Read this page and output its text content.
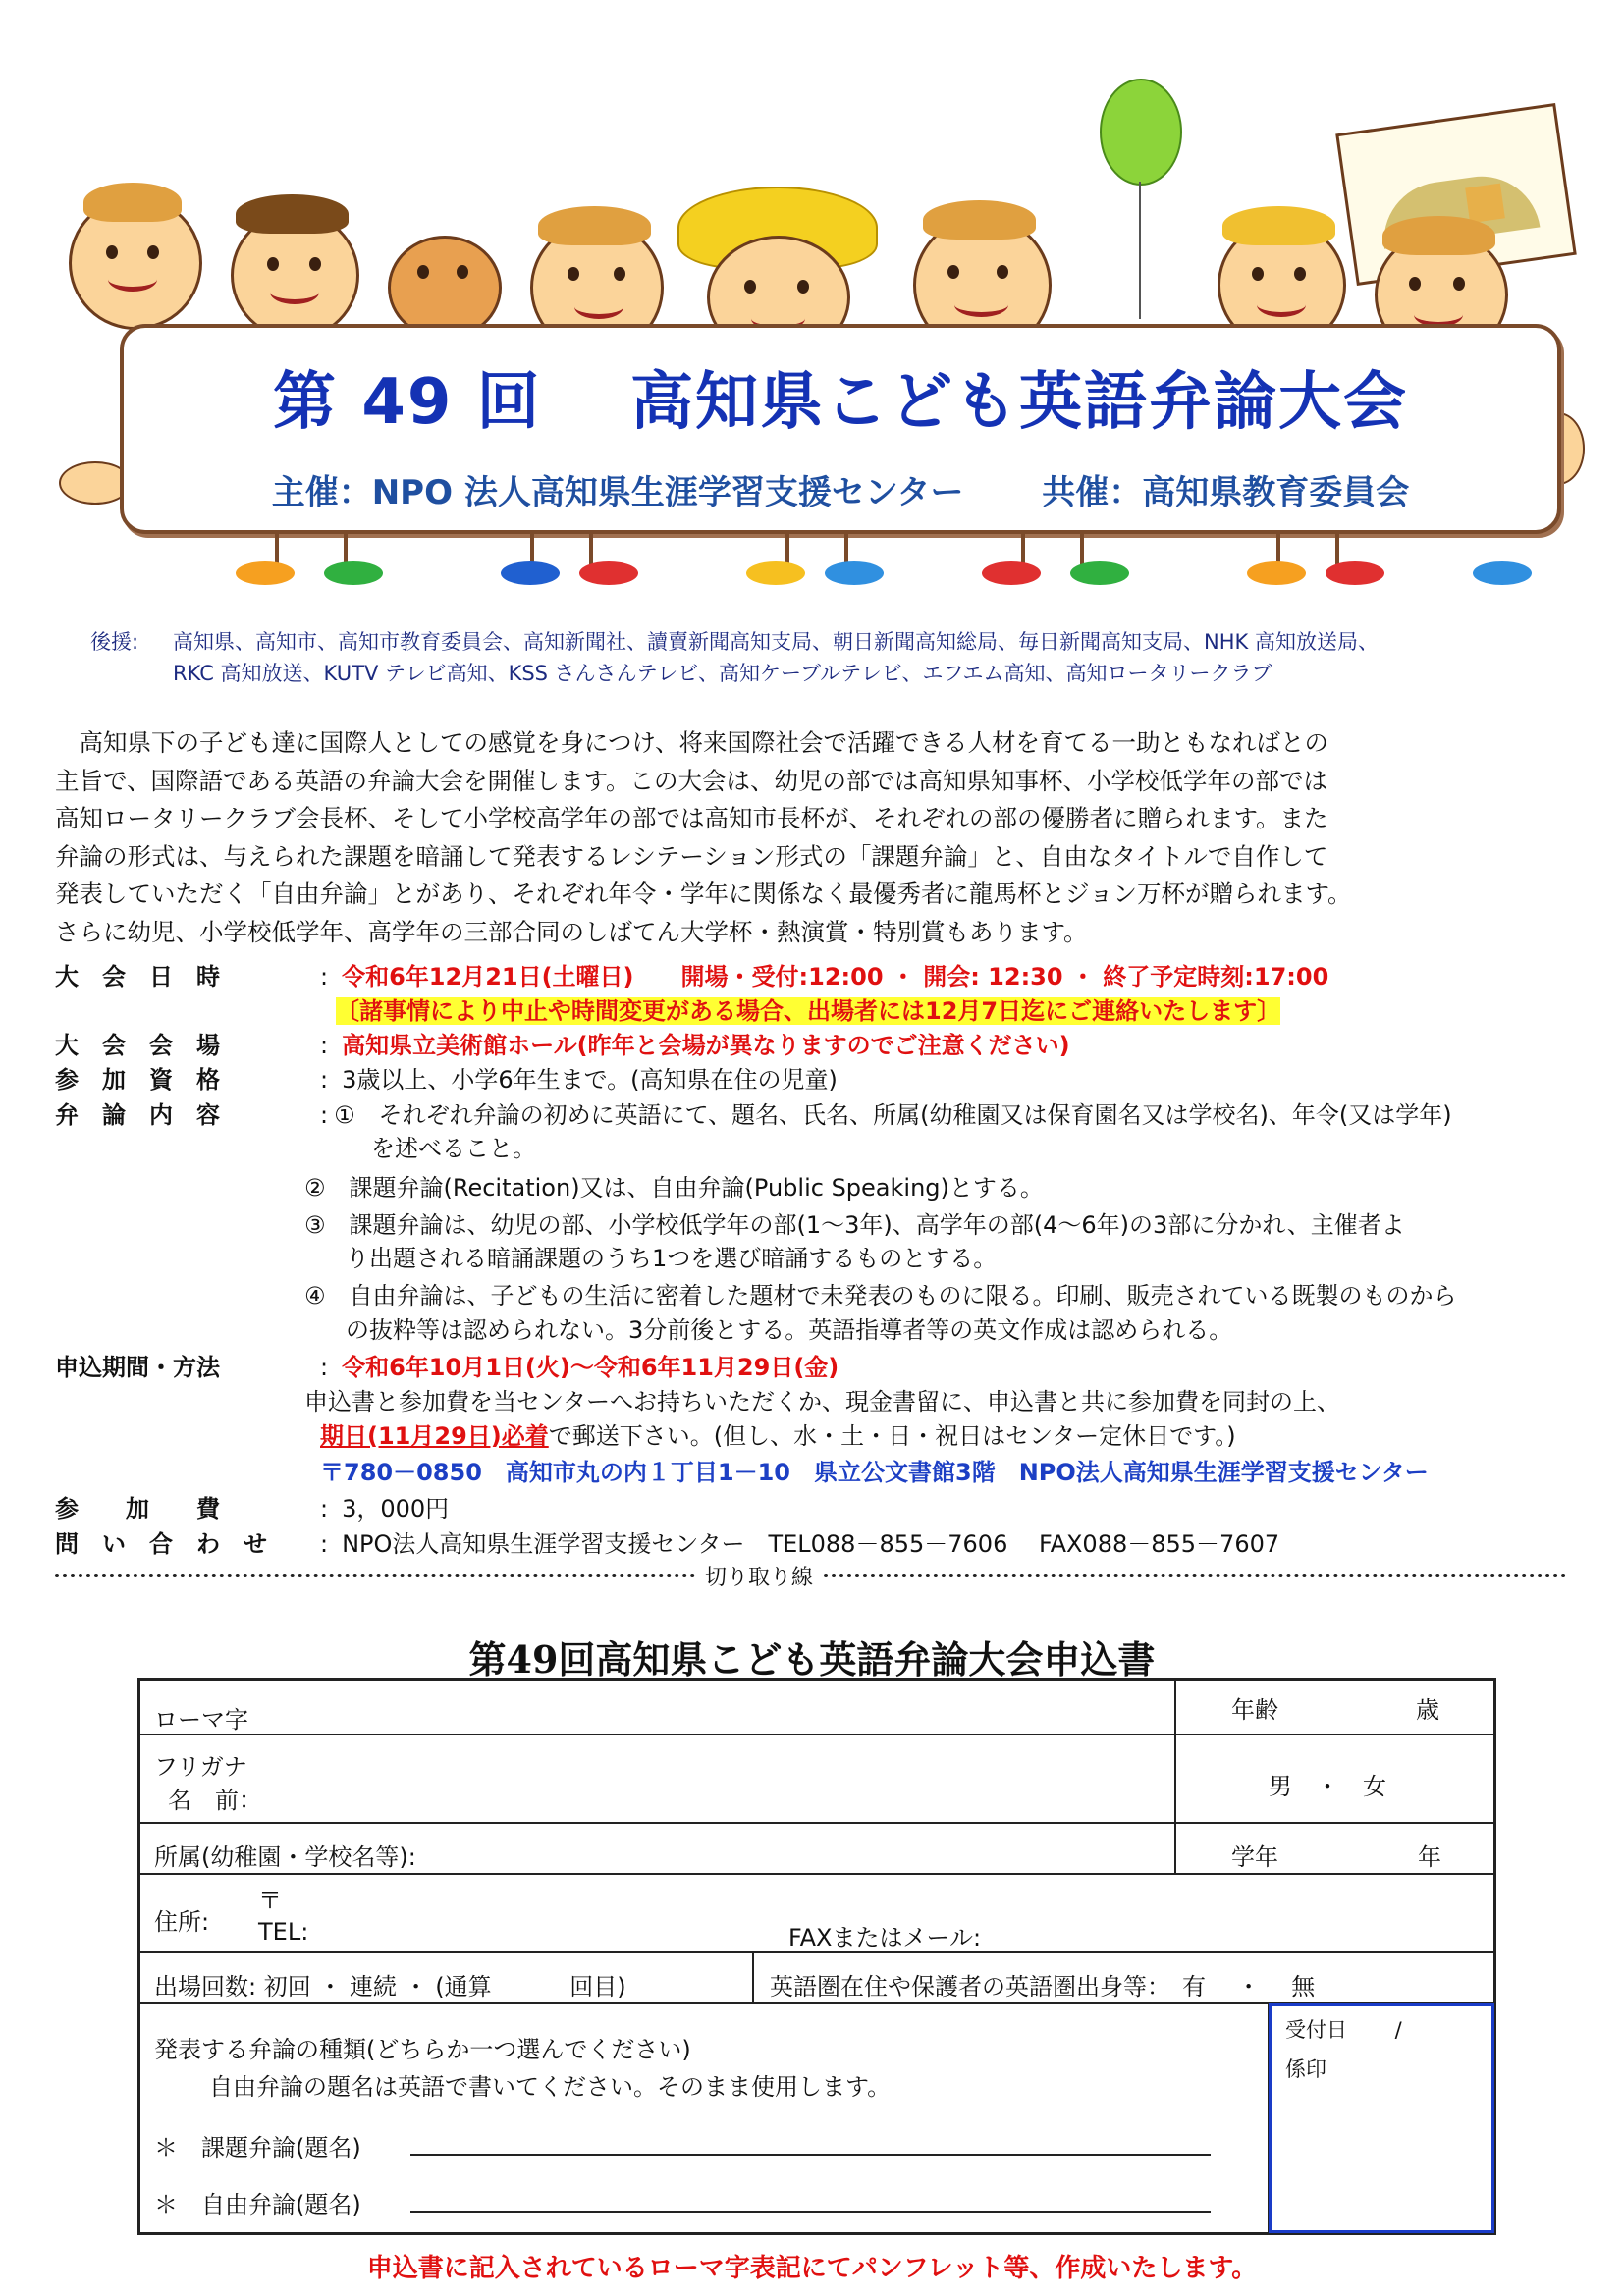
第 49 回　 高知県こども英語弁論大会
主催：NPO 法人高知県生涯学習支援センター　　 共催：高知県教育委員会
後援: 高知県、高知市、高知市教育委員会、高知新聞社、讀賣新聞高知支局、朝日新聞高知総局、毎日新聞高知支局、NHK 高知放送局、
RKC 高知放送、KUTV テレビ高知、KSS さんさんテレビ、高知ケーブルテレビ、エフエム高知、高知ロータリークラブ
　高知県下の子ども達に国際人としての感覚を身につけ、将来国際社会で活躍できる人材を育てる一助ともなればとの
主旨で、国際語である英語の弁論大会を開催します。この大会は、幼児の部では高知県知事杯、小学校低学年の部では
高知ロータリークラブ会長杯、そして小学校高学年の部では高知市長杯が、それぞれの部の優勝者に贈られます。また
弁論の形式は、与えられた課題を暗誦して発表するレシテーション形式の「課題弁論」と、自由なタイトルで自作して
発表していただく「自由弁論」とがあり、それぞれ年令・学年に関係なく最優秀者に龍馬杯とジョン万杯が贈られます。
さらに幼児、小学校低学年、高学年の三部合同のしばてん大学杯・熱演賞・特別賞もあります。
大　会　日　時	: 令和6年12月21日(土曜日)　　開場・受付:12:00 ・ 開会: 12:30 ・ 終了予定時刻:17:00
〔諸事情により中止や時間変更がある場合、出場者には12月7日迄にご連絡いたします〕
大　会　会　場	: 高知県立美術館ホール(昨年と会場が異なりますのでご注意ください)
参　加　資　格	: 3歳以上、小学6年生まで。(高知県在住の児童)
弁　論　内　容	: ①　それぞれ弁論の初めに英語にて、題名、氏名、所属(幼稚園又は保育園名又は学校名)、年令(又は学年)
を述べること。
②　課題弁論(Recitation)又は、自由弁論(Public Speaking)とする。
③　課題弁論は、幼児の部、小学校低学年の部(1～3年)、高学年の部(4～6年)の3部に分かれ、主催者よ
り出題される暗誦課題のうち1つを選び暗誦するものとする。
④　自由弁論は、子どもの生活に密着した題材で未発表のものに限る。印刷、販売されている既製のものから
の抜粋等は認められない。3分前後とする。英語指導者等の英文作成は認められる。
申込期間・方法	: 令和6年10月1日(火)～令和6年11月29日(金)
申込書と参加費を当センターへお持ちいただくか、現金書留に、申込書と共に参加費を同封の上、
期日(11月29日)必着で郵送下さい。(但し、水・土・日・祝日はセンター定休日です。)
〒780－0850　高知市丸の内１丁目1－10　県立公文書館3階　NPO法人高知県生涯学習支援センター
参　　加　　費	: 3，000円
問　い　合　わ　せ : NPO法人高知県生涯学習支援センター　TEL088－855－7606　 FAX088－855－7607
切り取り線
第49回高知県こども英語弁論大会申込書
ローマ字	年齢	歳
フリガナ
名　前：	男　・　女
所属(幼稚園・学校名等):	学年	年
住所:
〒
TEL:	FAXまたはメール:
出場回数: 初回 ・ 連続 ・ (通算　　　 回目)	英語圏在住や保護者の英語圏出身等：　有　 ・　 無
発表する弁論の種類(どちらか一つ選んでください)
自由弁論の題名は英語で書いてください。そのまま使用します。
＊　課題弁論(題名)
＊　自由弁論(題名)
受付日　　 /
係印
申込書に記入されているローマ字表記にてパンフレット等、作成いたします。
